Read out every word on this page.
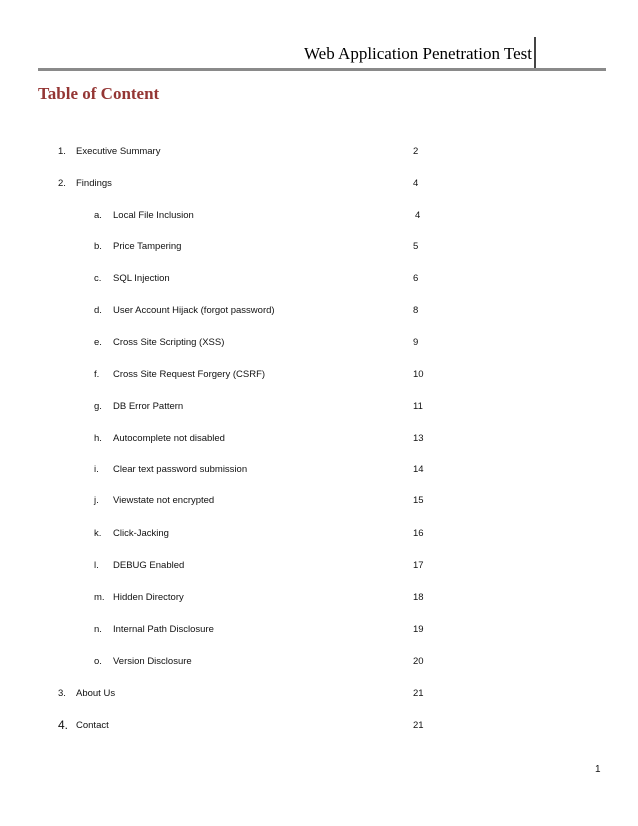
Web Application Penetration Test
Table of Content
1. Executive Summary	2
2. Findings	4
a. Local File Inclusion	4
b. Price Tampering	5
c. SQL Injection	6
d. User Account Hijack (forgot password)	8
e. Cross Site Scripting (XSS)	9
f. Cross Site Request Forgery (CSRF)	10
g. DB Error Pattern	11
h. Autocomplete not disabled	13
i. Clear text password submission	14
j. Viewstate not encrypted	15
k. Click-Jacking	16
l. DEBUG Enabled	17
m. Hidden Directory	18
n. Internal Path Disclosure	19
o. Version Disclosure	20
3. About Us	21
4. Contact	21
1
